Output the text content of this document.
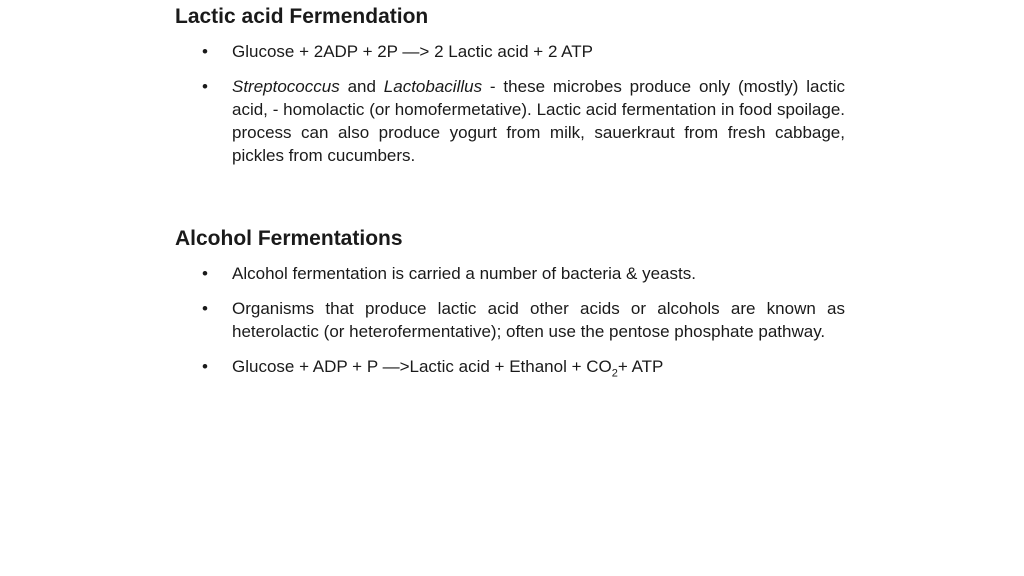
Lactic acid Fermendation
• Glucose + 2ADP + 2P —> 2 Lactic acid + 2 ATP
• Streptococcus and Lactobacillus - these microbes produce only (mostly) lactic acid, - homolactic (or homofermetative). Lactic acid fermentation in food spoilage. process can also produce yogurt from milk, sauerkraut from fresh cabbage, pickles from cucumbers.
Alcohol Fermentations
• Alcohol fermentation is carried a number of bacteria & yeasts.
• Organisms that produce lactic acid other acids or alcohols are known as heterolactic (or heterofermentative); often use the pentose phosphate pathway.
• Glucose + ADP + P —>Lactic acid + Ethanol + $CO_2+$ ATP
